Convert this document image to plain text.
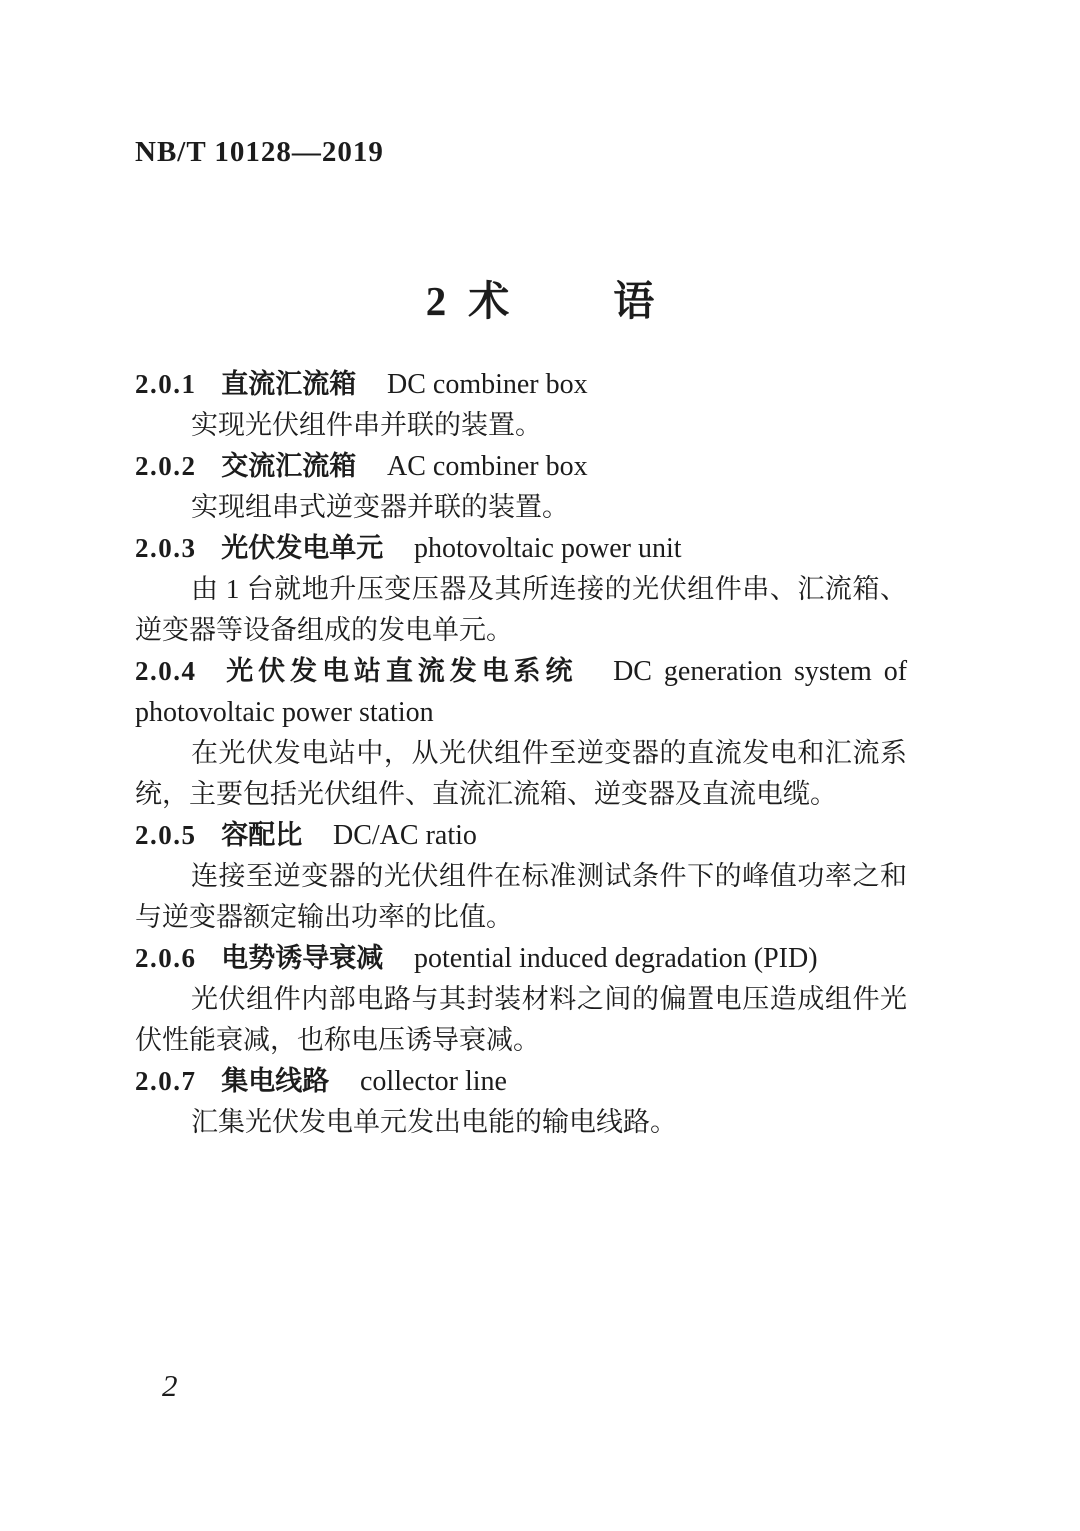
NB/T 10128—2019
2 术	语
2.0.1 直流汇流箱 DC combiner box
实现光伏组件串并联的装置。
2.0.2 交流汇流箱 AC combiner box
实现组串式逆变器并联的装置。
2.0.3 光伏发电单元 photovoltaic power unit
由 1 台就地升压变压器及其所连接的光伏组件串、汇流箱、
逆变器等设备组成的发电单元。
2.0.4 光伏发电站直流发电系统 DC generation system of
photovoltaic power station
在光伏发电站中，从光伏组件至逆变器的直流发电和汇流系
统，主要包括光伏组件、直流汇流箱、逆变器及直流电缆。
2.0.5 容配比 DC/AC ratio
连接至逆变器的光伏组件在标准测试条件下的峰值功率之和
与逆变器额定输出功率的比值。
2.0.6 电势诱导衰减 potential induced degradation (PID)
光伏组件内部电路与其封装材料之间的偏置电压造成组件光
伏性能衰减，也称电压诱导衰减。
2.0.7 集电线路 collector line
汇集光伏发电单元发出电能的输电线路。
2
